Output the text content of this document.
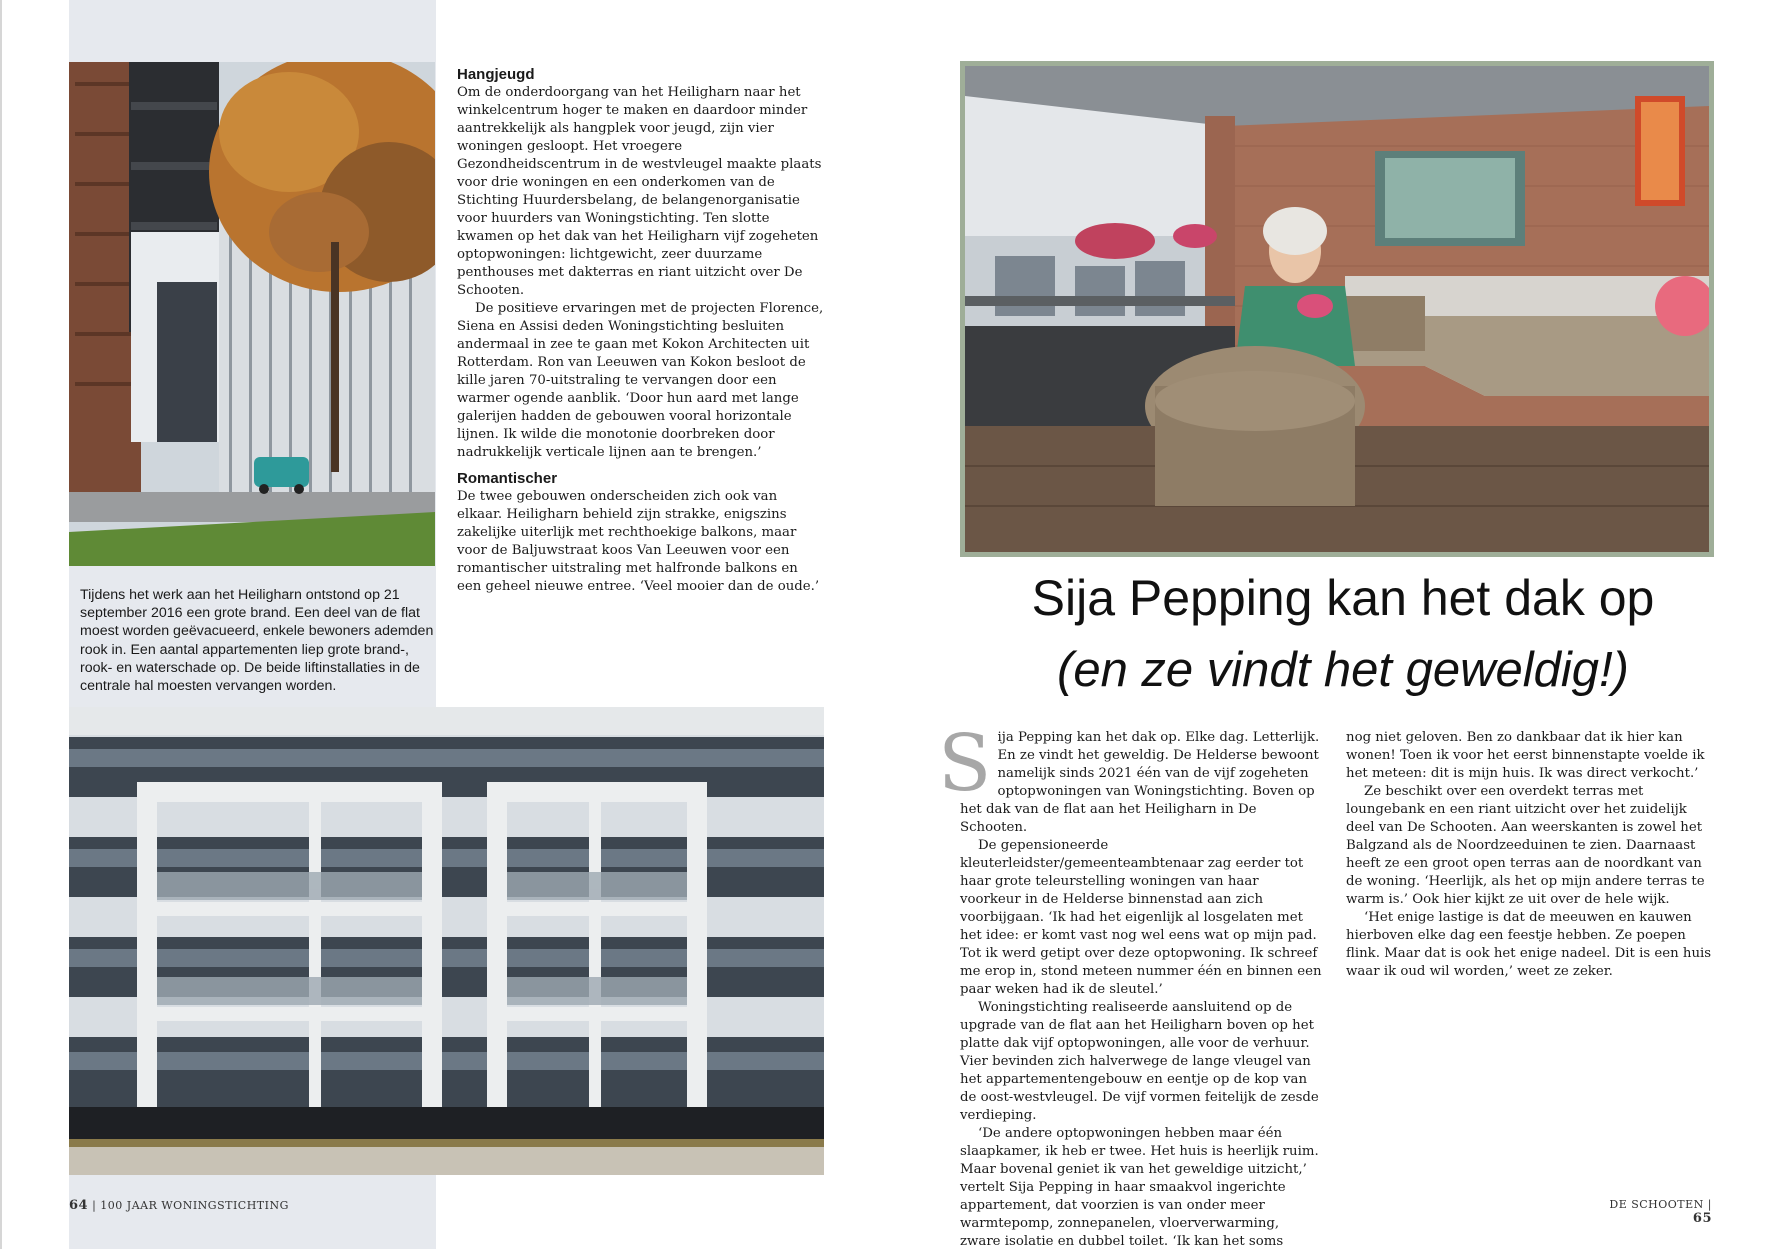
Tijdens het werk aan het Heiligharn ontstond op 21 september 2016 een grote brand. Een deel van de flat moest worden geëvacueerd, enkele bewoners ademden rook in. Een aantal appartementen liep grote brand-, rook- en waterschade op. De beide liftinstallaties in de centrale hal moesten vervangen worden.
Hangjeugd

Om de onderdoorgang van het Heiligharn naar het winkelcentrum hoger te maken en daardoor minder aantrekkelijk als hangplek voor jeugd, zijn vier woningen gesloopt. Het vroegere Gezondheidscentrum in de westvleugel maakte plaats voor drie woningen en een onderkomen van de Stichting Huurdersbelang, de belangenorganisatie voor huurders van Woningstichting. Ten slotte kwamen op het dak van het Heiligharn vijf zogeheten optopwoningen: lichtgewicht, zeer duurzame penthouses met dakterras en riant uitzicht over De Schooten.

De positieve ervaringen met de projecten Florence, Siena en Assisi deden Woningstichting besluiten andermaal in zee te gaan met Kokon Architecten uit Rotterdam. Ron van Leeuwen van Kokon besloot de kille jaren 70-uitstraling te vervangen door een warmer ogende aanblik. ‘Door hun aard met lange galerijen hadden de gebouwen vooral horizontale lijnen. Ik wilde die monotonie doorbreken door nadrukkelijk verticale lijnen aan te brengen.’

Romantischer

De twee gebouwen onderscheiden zich ook van elkaar. Heiligharn behield zijn strakke, enigszins zakelijke uiterlijk met rechthoekige balkons, maar voor de Baljuwstraat koos Van Leeuwen voor een romantischer uitstraling met halfronde balkons en een geheel nieuwe entree. ‘Veel mooier dan de oude.’	Sija Pepping kan het dak op
(en ze vindt het geweldig!)

Sija Pepping kan het dak op. Elke dag. Letterlijk. En ze vindt het geweldig. De Helderse bewoont namelijk sinds 2021 één van de vijf zogeheten optopwoningen van Woningstichting. Boven op het dak van de flat aan het Heiligharn in De Schooten.

De gepensioneerde kleuterleidster/gemeenteambtenaar zag eerder tot haar grote teleurstelling woningen van haar voorkeur in de Helderse binnenstad aan zich voorbijgaan. ‘Ik had het eigenlijk al losgelaten met het idee: er komt vast nog wel eens wat op mijn pad. Tot ik werd getipt over deze optopwoning. Ik schreef me erop in, stond meteen nummer één en binnen een paar weken had ik de sleutel.’

Woningstichting realiseerde aansluitend op de upgrade van de flat aan het Heiligharn boven op het platte dak vijf optopwoningen, alle voor de verhuur. Vier bevinden zich halverwege de lange vleugel van het appartementengebouw en eentje op de kop van de oost-westvleugel. De vijf vormen feitelijk de zesde verdieping.

‘De andere optopwoningen hebben maar één slaapkamer, ik heb er twee. Het huis is heerlijk ruim. Maar bovenal geniet ik van het geweldige uitzicht,’ vertelt Sija Pepping in haar smaakvol ingerichte appartement, dat voorzien is van onder meer warmtepomp, zonnepanelen, vloerverwarming, zware isolatie en dubbel toilet. ‘Ik kan het soms

nog niet geloven. Ben zo dankbaar dat ik hier kan wonen! Toen ik voor het eerst binnenstapte voelde ik het meteen: dit is mijn huis. Ik was direct verkocht.’

Ze beschikt over een overdekt terras met loungebank en een riant uitzicht over het zuidelijk deel van De Schooten. Aan weerskanten is zowel het Balgzand als de Noordzeeduinen te zien. Daarnaast heeft ze een groot open terras aan de noordkant van de woning. ‘Heerlijk, als het op mijn andere terras te warm is.’ Ook hier kijkt ze uit over de hele wijk.

‘Het enige lastige is dat de meeuwen en kauwen hierboven elke dag een feestje hebben. Ze poepen flink. Maar dat is ook het enige nadeel. Dit is een huis waar ik oud wil worden,’ weet ze zeker.

64 | 100 JAAR WONINGSTICHTING	DE SCHOOTEN | 65
